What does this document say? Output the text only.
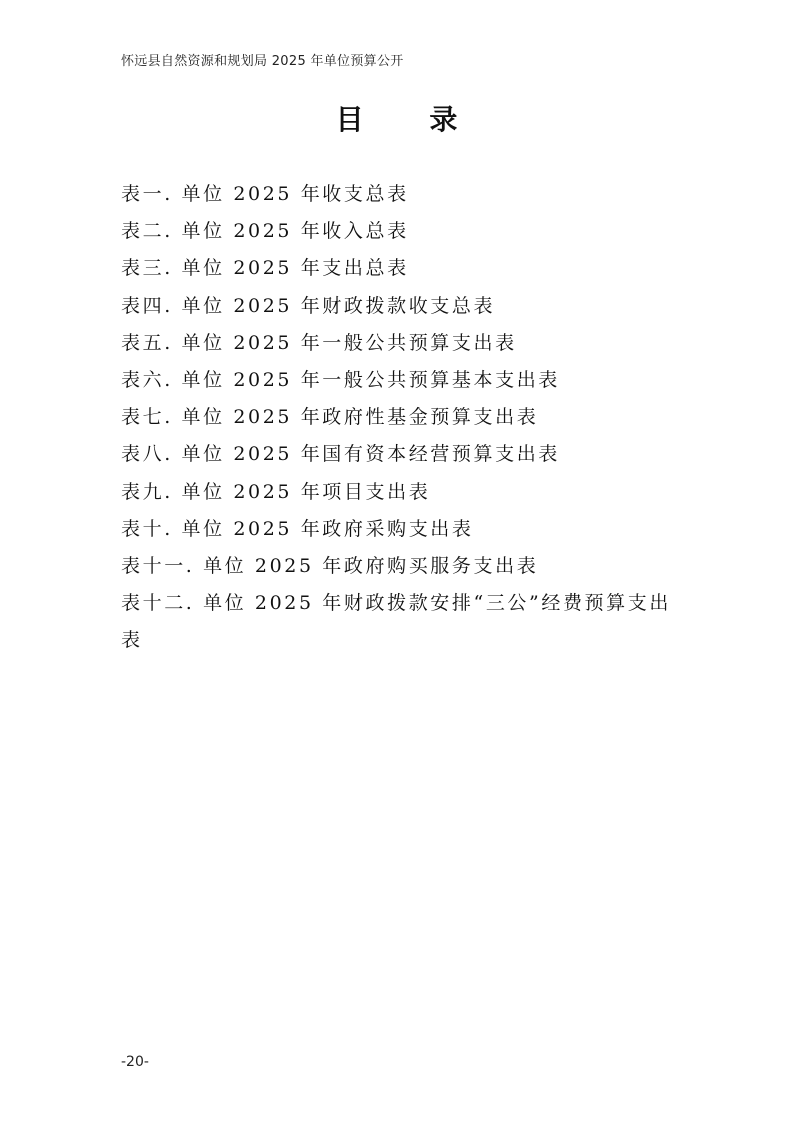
怀远县自然资源和规划局 2025 年单位预算公开
目 录
表一. 单位 2025 年收支总表
表二. 单位 2025 年收入总表
表三. 单位 2025 年支出总表
表四. 单位 2025 年财政拨款收支总表
表五. 单位 2025 年一般公共预算支出表
表六. 单位 2025 年一般公共预算基本支出表
表七. 单位 2025 年政府性基金预算支出表
表八. 单位 2025 年国有资本经营预算支出表
表九. 单位 2025 年项目支出表
表十. 单位 2025 年政府采购支出表
表十一. 单位 2025 年政府购买服务支出表
表十二. 单位 2025 年财政拨款安排“三公”经费预算支出表
-20-
